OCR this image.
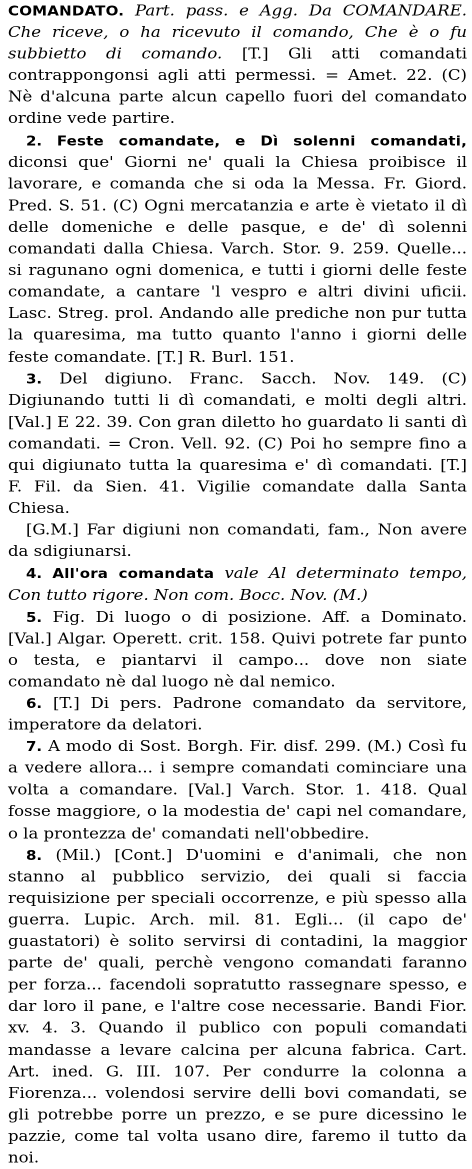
COMANDATO. Part. pass. e Agg. Da COMANDARE. Che riceve, o ha ricevuto il comando, Che è o fu subbietto di comando. [T.] Gli atti comandati contrappongonsi agli atti permessi. = Amet. 22. (C) Nè d'alcuna parte alcun capello fuori del comandato ordine vede partire.

2. Feste comandate, e Dì solenni comandati, diconsi que' Giorni ne' quali la Chiesa proibisce il lavorare, e comanda che si oda la Messa. Fr. Giord. Pred. S. 51. (C) Ogni mercatanzia e arte è vietato il dì delle domeniche e delle pasque, e de' dì solenni comandati dalla Chiesa. Varch. Stor. 9. 259. Quelle... si ragunano ogni domenica, e tutti i giorni delle feste comandate, a cantare 'l vespro e altri divini uficii. Lasc. Streg. prol. Andando alle prediche non pur tutta la quaresima, ma tutto quanto l'anno i giorni delle feste comandate. [T.] R. Burl. 151.

3. Del digiuno. Franc. Sacch. Nov. 149. (C) Digiunando tutti li dì comandati, e molti degli altri. [Val.] E 22. 39. Con gran diletto ho guardato li santi dì comandati. = Cron. Vell. 92. (C) Poi ho sempre fino a qui digiunato tutta la quaresima e' dì comandati. [T.] F. Fil. da Sien. 41. Vigilie comandate dalla Santa Chiesa.

[G.M.] Far digiuni non comandati, fam., Non avere da sdigiunarsi.

4. All'ora comandata vale Al determinato tempo, Con tutto rigore. Non com. Bocc. Nov. (M.)

5. Fig. Di luogo o di posizione. Aff. a Dominato. [Val.] Algar. Operett. crit. 158. Quivi potrete far punto o testa, e piantarvi il campo... dove non siate comandato nè dal luogo nè dal nemico.

6. [T.] Di pers. Padrone comandato da servitore, imperatore da delatori.

7. A modo di Sost. Borgh. Fir. disf. 299. (M.) Così fu a vedere allora... i sempre comandati cominciare una volta a comandare. [Val.] Varch. Stor. 1. 418. Qual fosse maggiore, o la modestia de' capi nel comandare, o la prontezza de' comandati nell'obbedire.

8. (Mil.) [Cont.] D'uomini e d'animali, che non stanno al pubblico servizio, dei quali si faccia requisizione per speciali occorrenze, e più spesso alla guerra. Lupic. Arch. mil. 81. Egli... (il capo de' guastatori) è solito servirsi di contadini, la maggior parte de' quali, perchè vengono comandati faranno per forza... facendoli sopratutto rassegnare spesso, e dar loro il pane, e l'altre cose necessarie. Bandi Fior. xv. 4. 3. Quando il publico con populi comandati mandasse a levare calcina per alcuna fabrica. Cart. Art. ined. G. III. 107. Per condurre la colonna a Fiorenza... volendosi servire delli bovi comandati, se gli potrebbe porre un prezzo, e se pure dicessino le pazzie, come tal volta usano dire, faremo il tutto da noi.
